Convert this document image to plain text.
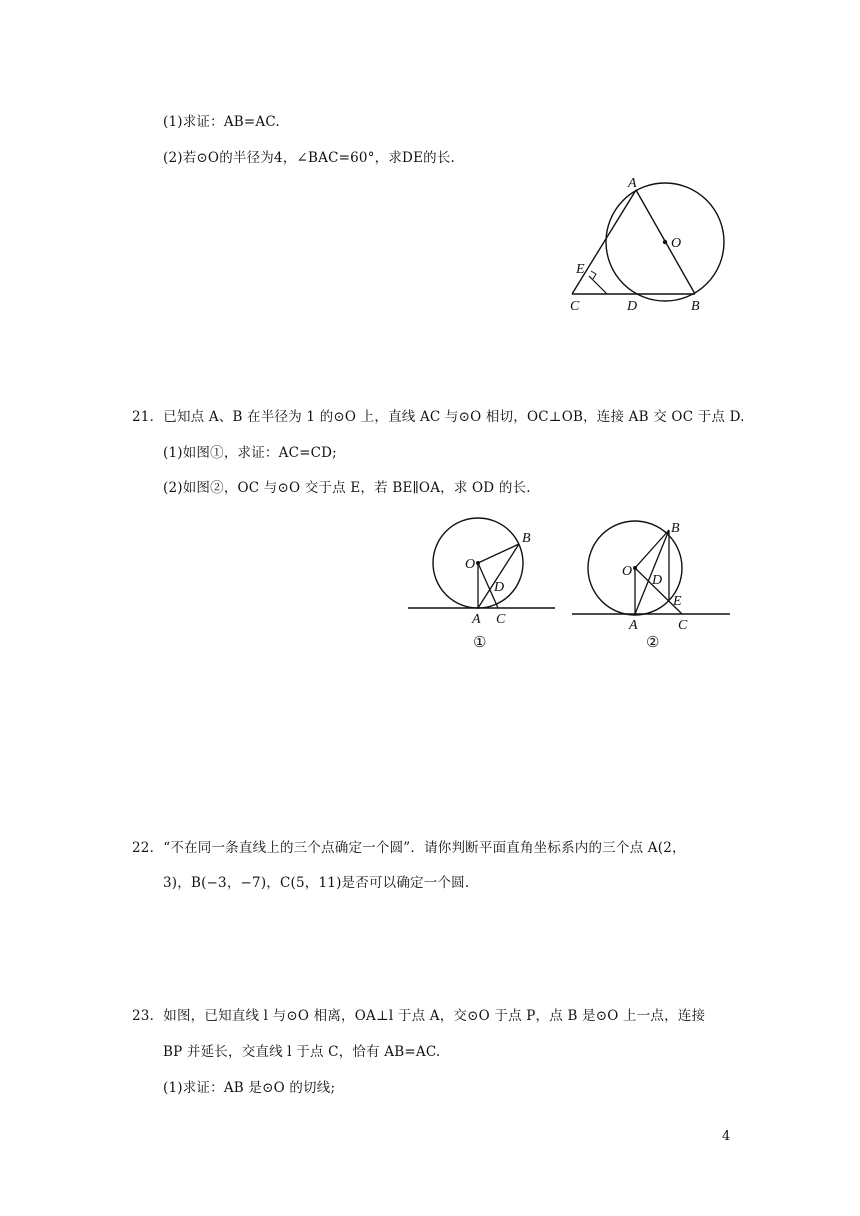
(1)求证：AB=AC.
(2)若⊙O的半径为4，∠BAC=60°，求DE的长.
A
O
E
C	D	B
21．已知点 A、B 在半径为 1 的⊙O 上，直线 AC 与⊙O 相切，OC⊥OB，连接 AB 交 OC 于点 D.
(1)如图①，求证：AC=CD;
(2)如图②，OC 与⊙O 交于点 E，若 BE∥OA，求 OD 的长.
B
O
D
A C
①
B
O
D
E
A	C
②
22．“不在同一条直线上的三个点确定一个圆”．请你判断平面直角坐标系内的三个点 A(2，
3)，B(−3，−7)，C(5，11)是否可以确定一个圆.
23．如图，已知直线 l 与⊙O 相离，OA⊥l 于点 A，交⊙O 于点 P，点 B 是⊙O 上一点，连接
BP 并延长，交直线 l 于点 C，恰有 AB=AC.
(1)求证：AB 是⊙O 的切线;
4
